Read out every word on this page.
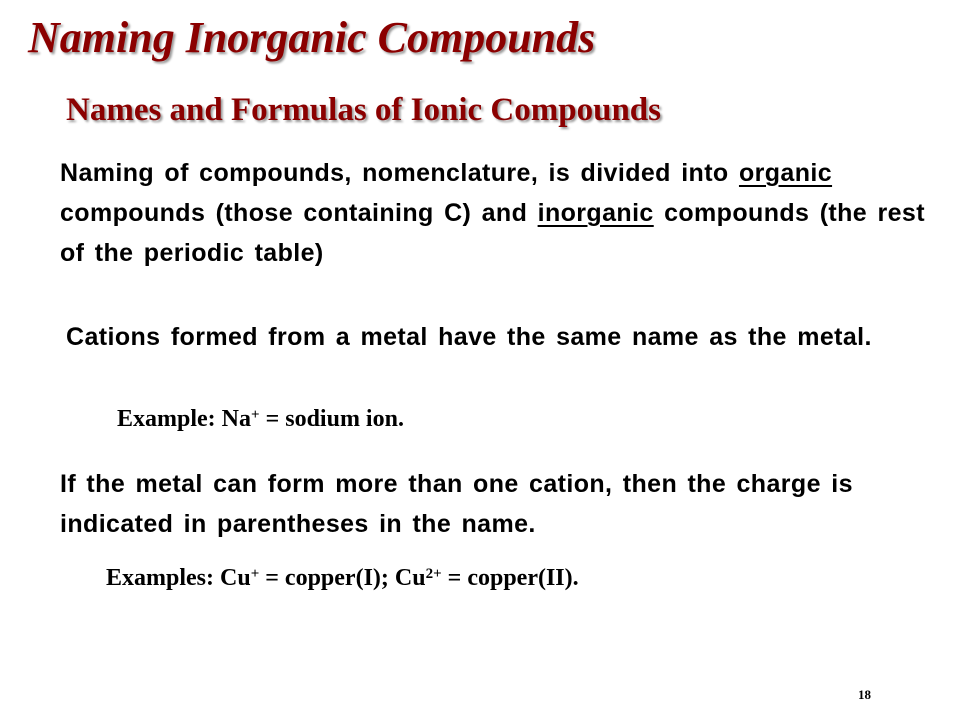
Naming Inorganic Compounds
Names and Formulas of Ionic Compounds

Naming of compounds, nomenclature, is divided into organic compounds (those containing C) and inorganic compounds (the rest of the periodic table)

Cations formed from a metal have the same name as the metal.

Example: Na+ = sodium ion.

If the metal can form more than one cation, then the charge is indicated in parentheses in the name.

Examples: Cu+ = copper(I); $Cu^{2+}$ = copper(II).

18
